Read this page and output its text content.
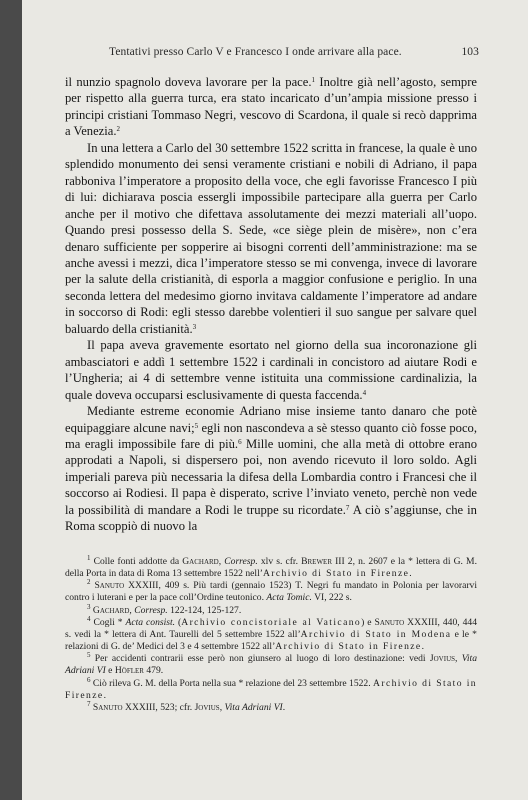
Tentativi presso Carlo V e Francesco I onde arrivare alla pace.	103

il nunzio spagnolo doveva lavorare per la pace.$^1$ Inoltre già nell’agosto, sempre per rispetto alla guerra turca, era stato incaricato d’un’ampia missione presso i principi cristiani Tommaso Negri, vescovo di Scardona, il quale si recò dapprima a Venezia.$^2$

In una lettera a Carlo del 30 settembre 1522 scritta in francese, la quale è uno splendido monumento dei sensi veramente cristiani e nobili di Adriano, il papa rabboniva l’imperatore a proposito della voce, che egli favorisse Francesco I più di lui: dichiarava poscia essergli impossibile partecipare alla guerra per Carlo anche per il motivo che difettava assolutamente dei mezzi materiali all’uopo. Quando presi possesso della S. Sede, «ce siège plein de misère», non c’era denaro sufficiente per sopperire ai bisogni correnti dell’amministrazione: ma se anche avessi i mezzi, dica l’imperatore stesso se mi convenga, invece di lavorare per la salute della cristianità, di esporla a maggior confusione e periglio. In una seconda lettera del medesimo giorno invitava caldamente l’imperatore ad andare in soccorso di Rodi: egli stesso darebbe volentieri il suo sangue per salvare quel baluardo della cristianità.$^3$

Il papa aveva gravemente esortato nel giorno della sua incoronazione gli ambasciatori e addì 1 settembre 1522 i cardinali in concistoro ad aiutare Rodi e l’Ungheria; ai 4 di settembre venne istituita una commissione cardinalizia, la quale doveva occuparsi esclusivamente di questa faccenda.$^4$

Mediante estreme economie Adriano mise insieme tanto danaro che potè equipaggiare alcune navi;$^5$ egli non nascondeva a sè stesso quanto ciò fosse poco, ma eragli impossibile fare di più.$^6$ Mille uomini, che alla metà di ottobre erano approdati a Napoli, si dispersero poi, non avendo ricevuto il loro soldo. Agli imperiali pareva più necessaria la difesa della Lombardia contro i Francesi che il soccorso ai Rodiesi. Il papa è disperato, scrive l’inviato veneto, perchè non vede la possibilità di mandare a Rodi le truppe su ricordate.$^7$ A ciò s’aggiunse, che in Roma scoppiò di nuovo la

$^1$ Colle fonti addotte da Gachard, Corresp. xlv s. cfr. Brewer III 2, n. 2607 e la * lettera di G. M. della Porta in data di Roma 13 settembre 1522 nell’Archivio di Stato in Firenze.

$^2$ Sanuto XXXIII, 409 s. Più tardi (gennaio 1523) T. Negri fu mandato in Polonia per lavorarvi contro i luterani e per la pace coll’Ordine teutonico. Acta Tomic. VI, 222 s.

$^3$ Gachard, Corresp. 122-124, 125-127.

$^4$ Cogli * Acta consist. (Archivio concistoriale al Vaticano) e Sanuto XXXIII, 440, 444 s. vedi la * lettera di Ant. Taurelli del 5 settembre 1522 all’Archivio di Stato in Modena e le * relazioni di G. de’ Medici del 3 e 4 settembre 1522 all’Archivio di Stato in Firenze.

$^5$ Per accidenti contrarii esse però non giunsero al luogo di loro destinazione: vedi Jovius, Vita Adriani VI e Höfler 479.

$^6$ Ciò rileva G. M. della Porta nella sua * relazione del 23 settembre 1522. Archivio di Stato in Firenze.

$^7$ Sanuto XXXIII, 523; cfr. Jovius, Vita Adriani VI.
